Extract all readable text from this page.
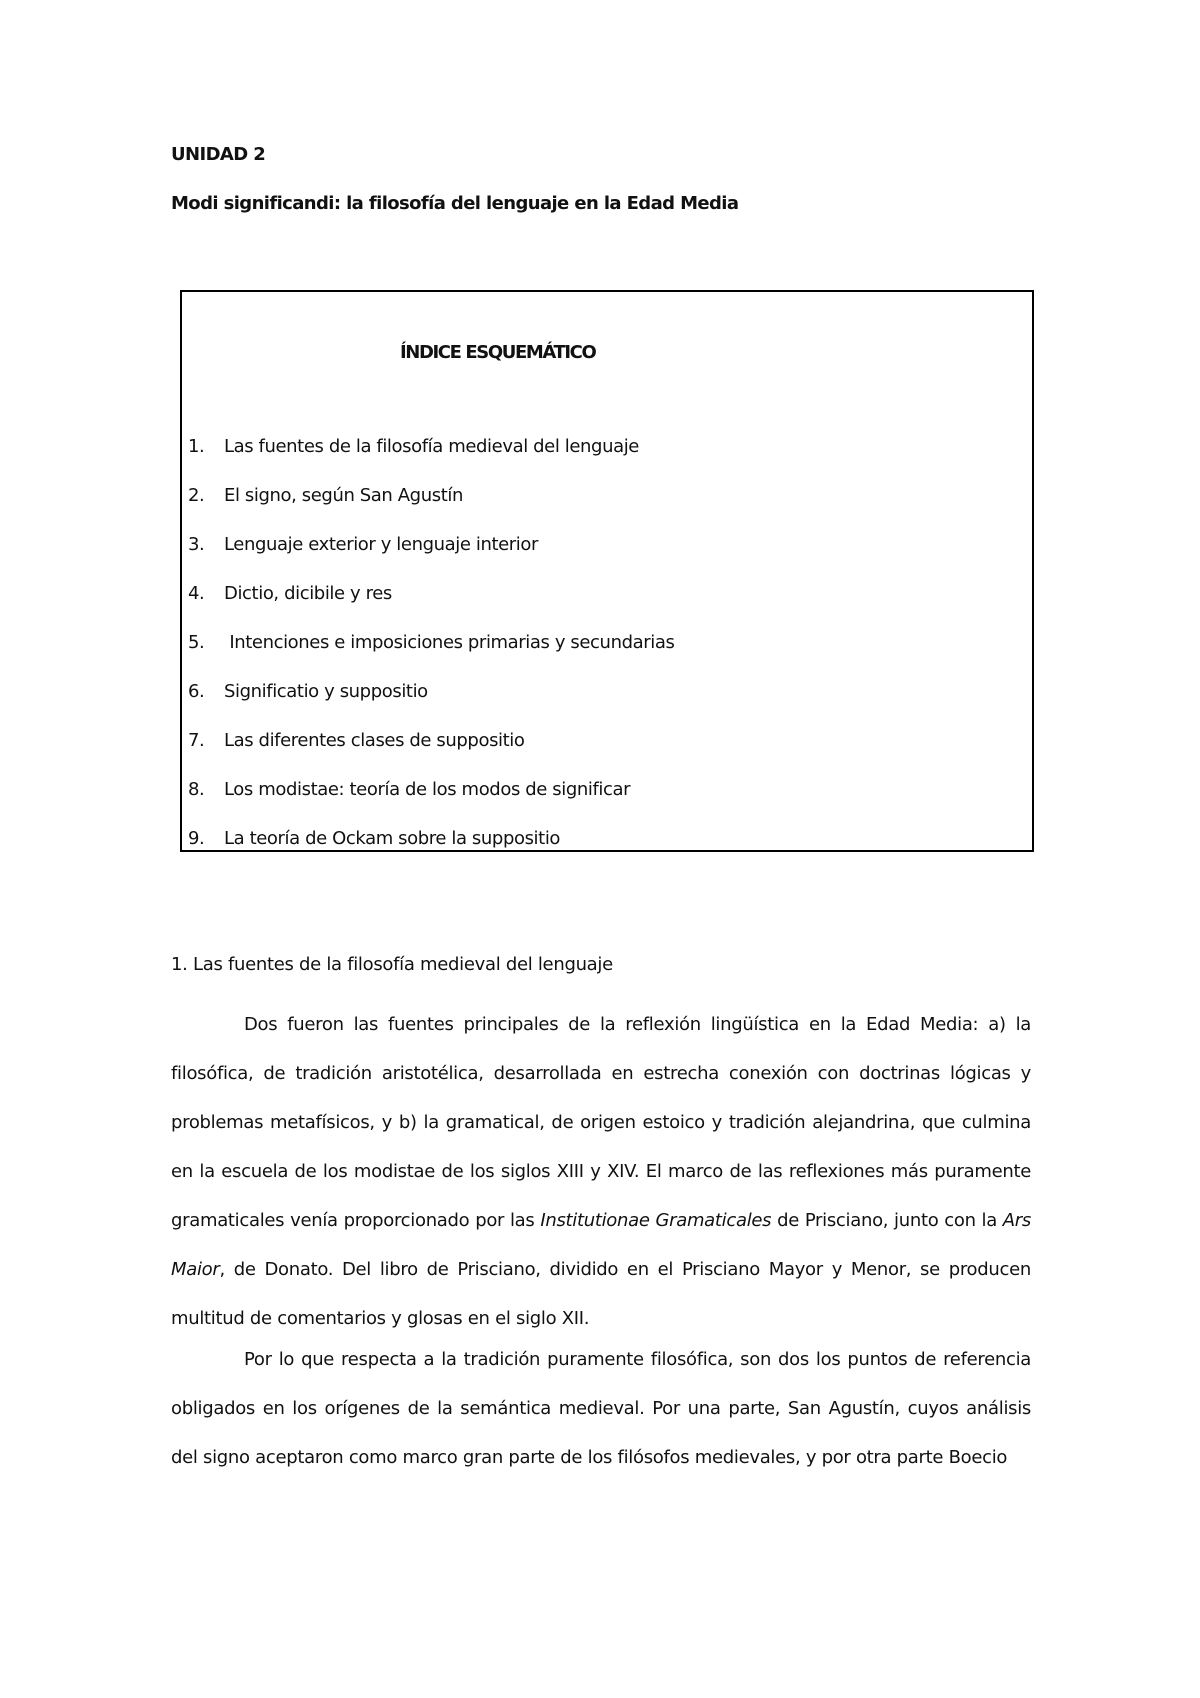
UNIDAD 2
Modi significandi: la filosofía del lenguaje en la Edad Media
ÍNDICE ESQUEMÁTICO
1.	Las fuentes de la filosofía medieval del lenguaje
2.	El signo, según San Agustín
3.	Lenguaje exterior y lenguaje interior
4.	Dictio, dicibile y res
5.	Intenciones e imposiciones primarias y secundarias
6.	Significatio y suppositio
7.	Las diferentes clases de suppositio
8.	Los modistae: teoría de los modos de significar
9.	La teoría de Ockam sobre la suppositio
1. Las fuentes de la filosofía medieval del lenguaje

Dos fueron las fuentes principales de la reflexión lingüística en la Edad Media: a) la filosófica, de tradición aristotélica, desarrollada en estrecha conexión con doctrinas lógicas y problemas metafísicos, y b) la gramatical, de origen estoico y tradición alejandrina, que culmina en la escuela de los modistae de los siglos XIII y XIV. El marco de las reflexiones más puramente gramaticales venía proporcionado por las Institutionae Gramaticales de Prisciano, junto con la Ars Maior, de Donato. Del libro de Prisciano, dividido en el Prisciano Mayor y Menor, se producen multitud de comentarios y glosas en el siglo XII.

Por lo que respecta a la tradición puramente filosófica, son dos los puntos de referencia obligados en los orígenes de la semántica medieval. Por una parte, San Agustín, cuyos análisis del signo aceptaron como marco gran parte de los filósofos medievales, y por otra parte Boecio
